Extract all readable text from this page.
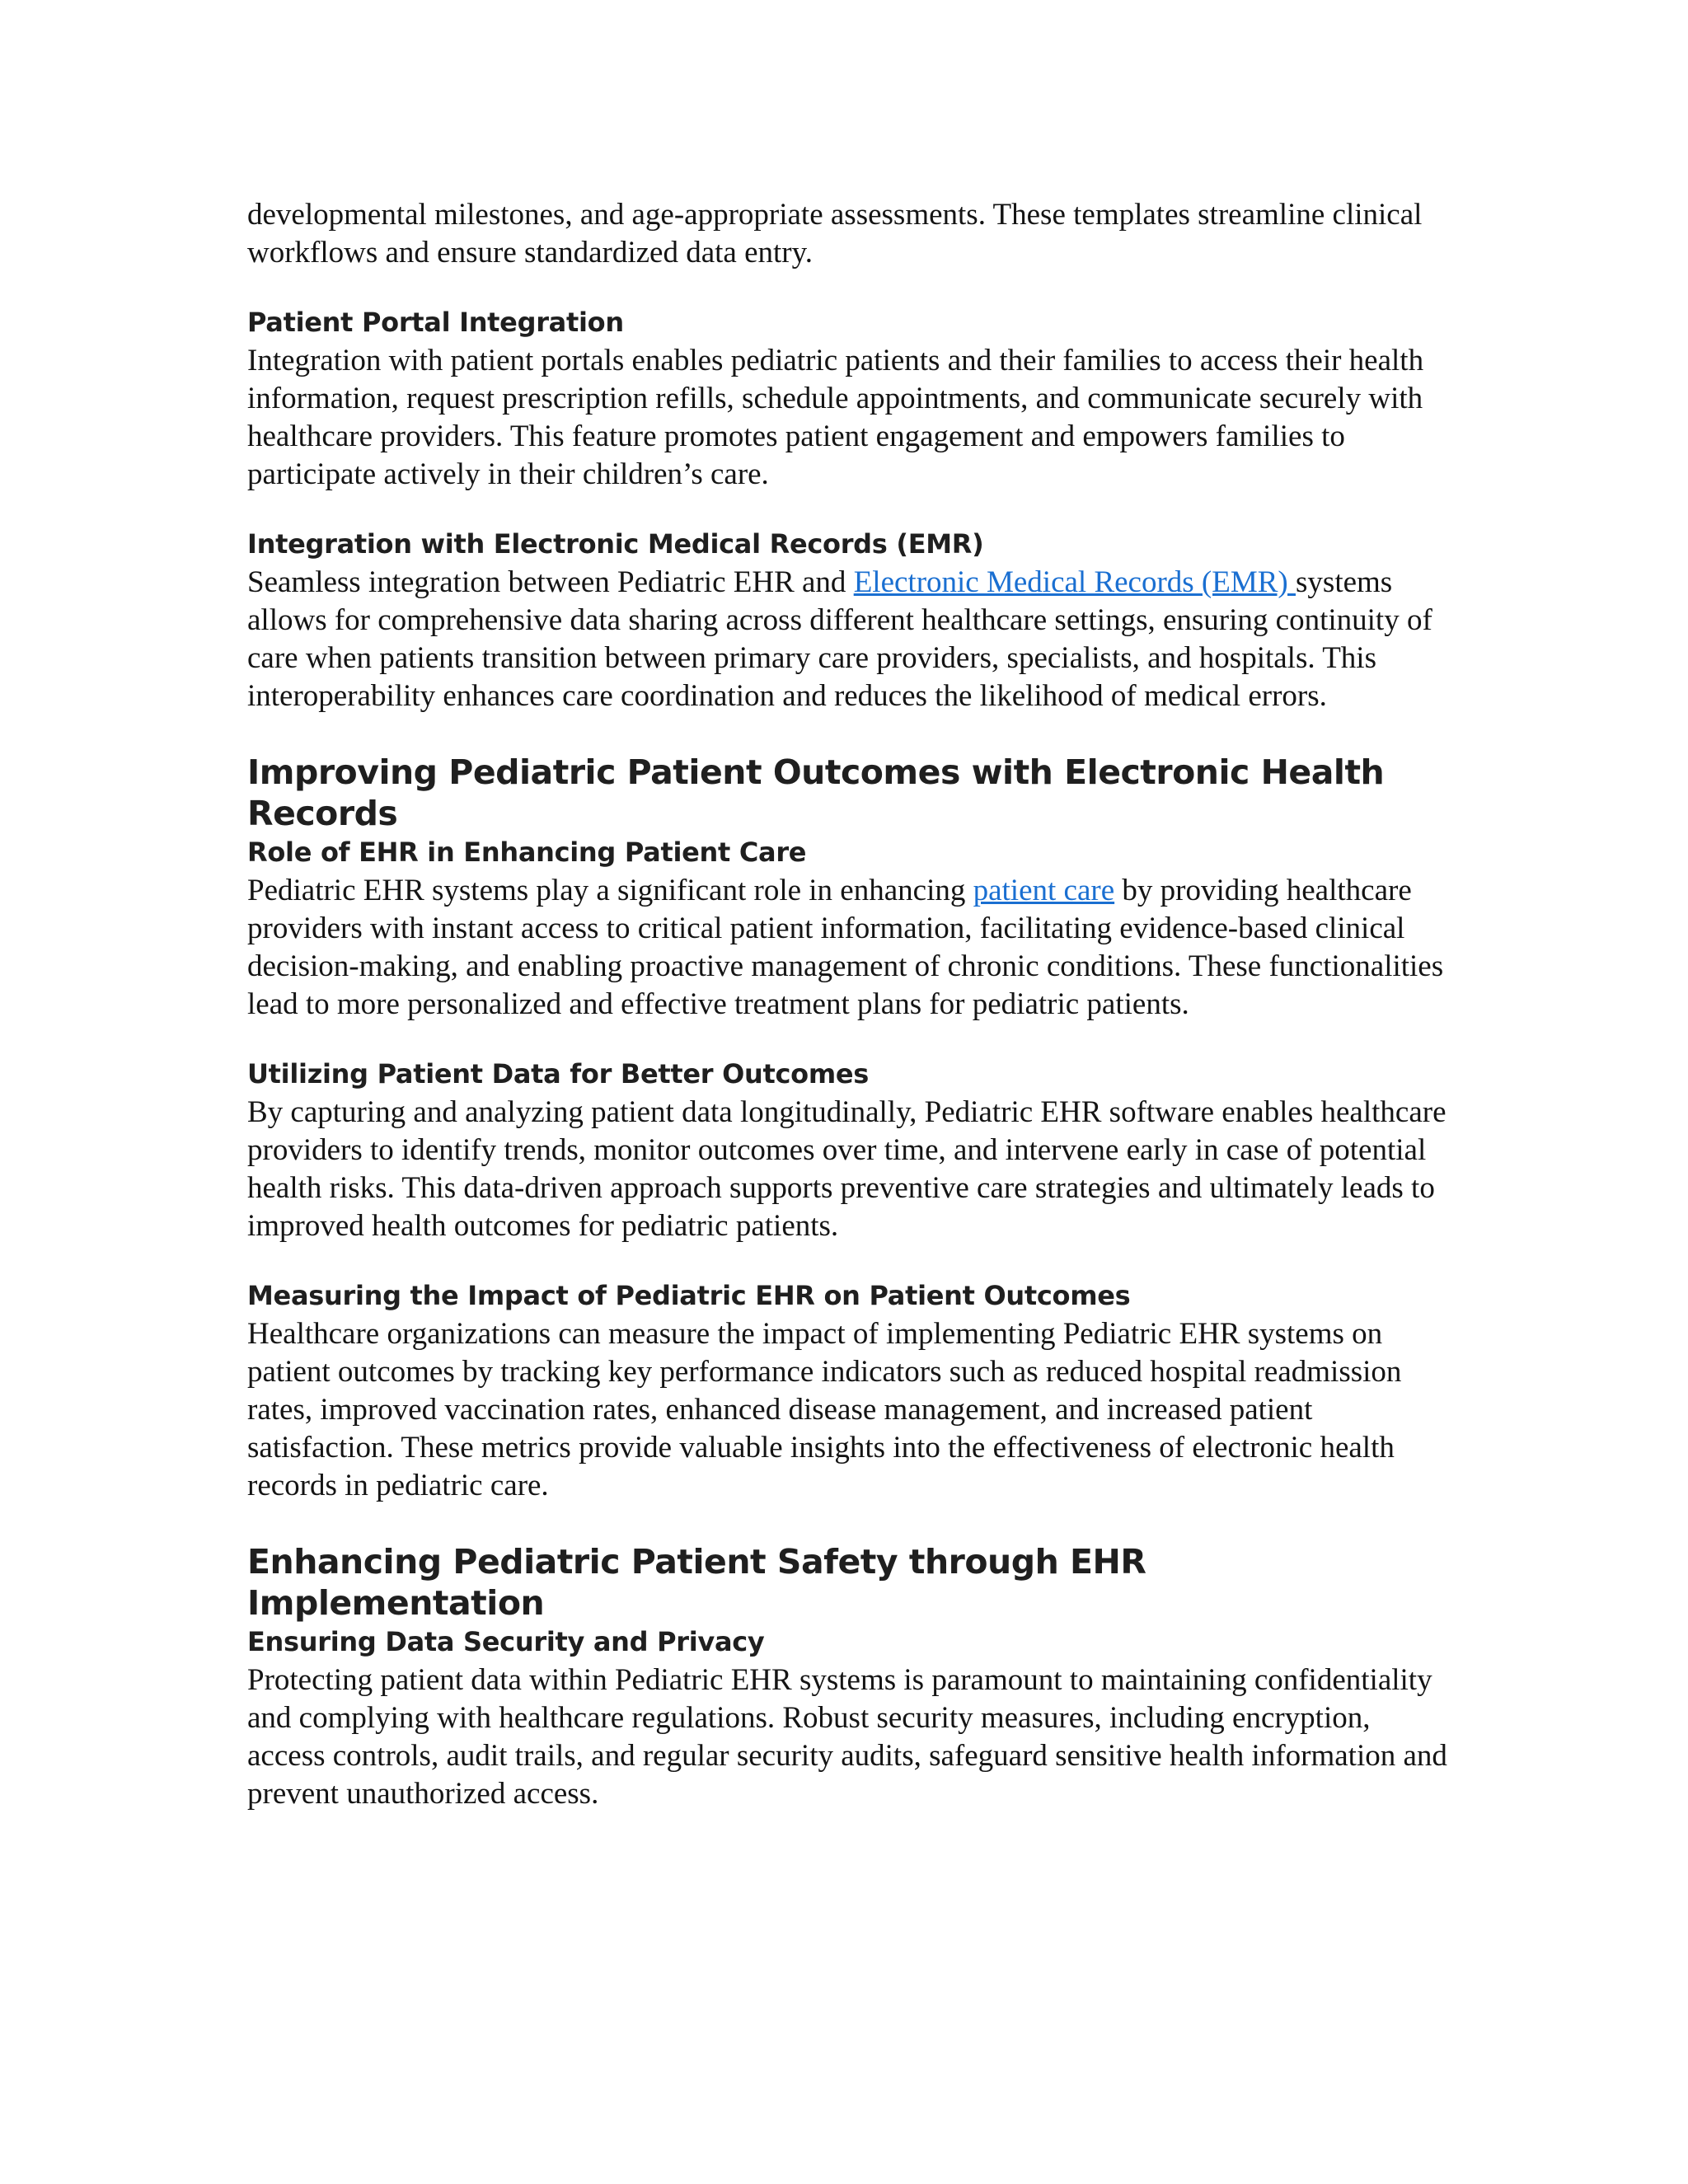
developmental milestones, and age-appropriate assessments. These templates streamline clinical workflows and ensure standardized data entry.

Patient Portal Integration

Integration with patient portals enables pediatric patients and their families to access their health information, request prescription refills, schedule appointments, and communicate securely with healthcare providers. This feature promotes patient engagement and empowers families to participate actively in their children’s care.

Integration with Electronic Medical Records (EMR)

Seamless integration between Pediatric EHR and Electronic Medical Records (EMR) systems allows for comprehensive data sharing across different healthcare settings, ensuring continuity of care when patients transition between primary care providers, specialists, and hospitals. This interoperability enhances care coordination and reduces the likelihood of medical errors.

Improving Pediatric Patient Outcomes with Electronic Health Records
Role of EHR in Enhancing Patient Care

Pediatric EHR systems play a significant role in enhancing patient care by providing healthcare providers with instant access to critical patient information, facilitating evidence-based clinical decision-making, and enabling proactive management of chronic conditions. These functionalities lead to more personalized and effective treatment plans for pediatric patients.

Utilizing Patient Data for Better Outcomes

By capturing and analyzing patient data longitudinally, Pediatric EHR software enables healthcare providers to identify trends, monitor outcomes over time, and intervene early in case of potential health risks. This data-driven approach supports preventive care strategies and ultimately leads to improved health outcomes for pediatric patients.

Measuring the Impact of Pediatric EHR on Patient Outcomes

Healthcare organizations can measure the impact of implementing Pediatric EHR systems on patient outcomes by tracking key performance indicators such as reduced hospital readmission rates, improved vaccination rates, enhanced disease management, and increased patient satisfaction. These metrics provide valuable insights into the effectiveness of electronic health records in pediatric care.

Enhancing Pediatric Patient Safety through EHR Implementation
Ensuring Data Security and Privacy

Protecting patient data within Pediatric EHR systems is paramount to maintaining confidentiality and complying with healthcare regulations. Robust security measures, including encryption, access controls, audit trails, and regular security audits, safeguard sensitive health information and prevent unauthorized access.
